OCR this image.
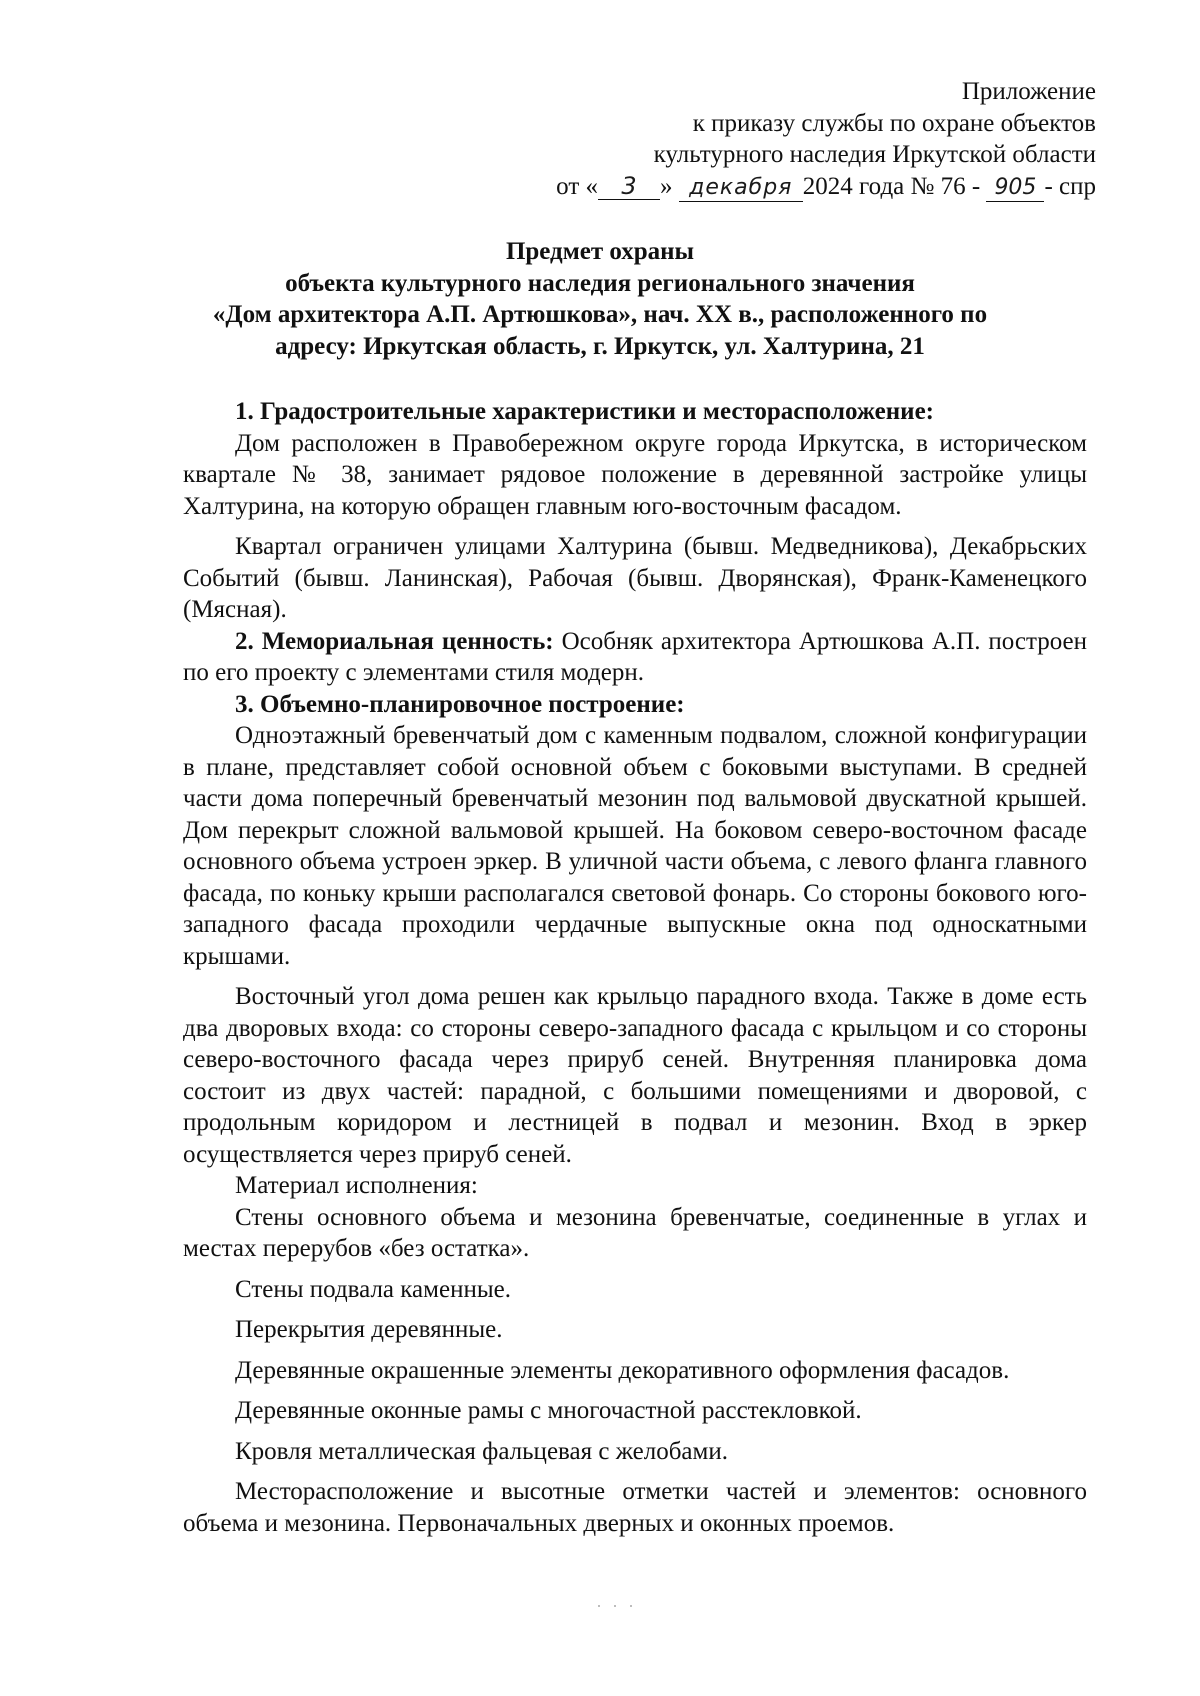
Приложение
к приказу службы по охране объектов
культурного наследия Иркутской области
от « 3 » декабря 2024 года № 76 - 905 - спр
Предмет охраны
объекта культурного наследия регионального значения
«Дом архитектора А.П. Артюшкова», нач. XX в., расположенного по
адресу: Иркутская область, г. Иркутск, ул. Халтурина, 21

1. Градостроительные характеристики и месторасположение:

Дом расположен в Правобережном округе города Иркутска, в историческом квартале № 38, занимает рядовое положение в деревянной застройке улицы Халтурина, на которую обращен главным юго-восточным фасадом.

Квартал ограничен улицами Халтурина (бывш. Медведникова), Декабрьских Событий (бывш. Ланинская), Рабочая (бывш. Дворянская), Франк-Каменецкого (Мясная).

2. Мемориальная ценность: Особняк архитектора Артюшкова А.П. построен по его проекту с элементами стиля модерн.

3. Объемно-планировочное построение:

Одноэтажный бревенчатый дом с каменным подвалом, сложной конфигурации в плане, представляет собой основной объем с боковыми выступами. В средней части дома поперечный бревенчатый мезонин под вальмовой двускатной крышей. Дом перекрыт сложной вальмовой крышей. На боковом северо-восточном фасаде основного объема устроен эркер. В уличной части объема, с левого фланга главного фасада, по коньку крыши располагался световой фонарь. Со стороны бокового юго-западного фасада проходили чердачные выпускные окна под односкатными крышами.

Восточный угол дома решен как крыльцо парадного входа. Также в доме есть два дворовых входа: со стороны северо-западного фасада с крыльцом и со стороны северо-восточного фасада через прируб сеней. Внутренняя планировка дома состоит из двух частей: парадной, с большими помещениями и дворовой, с продольным коридором и лестницей в подвал и мезонин. Вход в эркер осуществляется через прируб сеней.

Материал исполнения:

Стены основного объема и мезонина бревенчатые, соединенные в углах и местах перерубов «без остатка».

Стены подвала каменные.

Перекрытия деревянные.

Деревянные окрашенные элементы декоративного оформления фасадов.

Деревянные оконные рамы с многочастной расстекловкой.

Кровля металлическая фальцевая с желобами.

Месторасположение и высотные отметки частей и элементов: основного объема и мезонина. Первоначальных дверных и оконных проемов.
